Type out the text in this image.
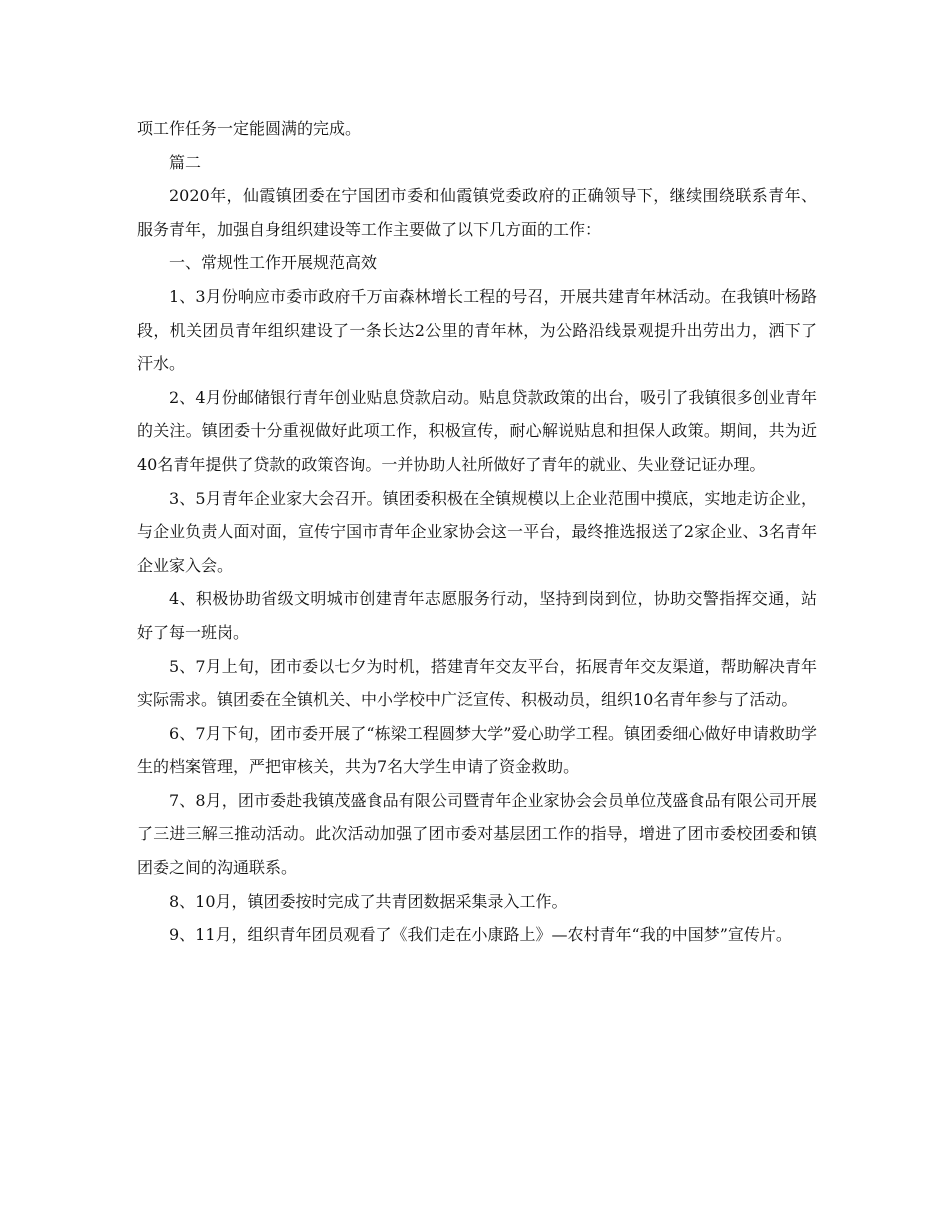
项工作任务一定能圆满的完成。

篇二

2020年，仙霞镇团委在宁国团市委和仙霞镇党委政府的正确领导下，继续围绕联系青年、服务青年，加强自身组织建设等工作主要做了以下几方面的工作：

一、常规性工作开展规范高效

1、3月份响应市委市政府千万亩森林增长工程的号召，开展共建青年林活动。在我镇叶杨路段，机关团员青年组织建设了一条长达2公里的青年林，为公路沿线景观提升出劳出力，洒下了汗水。

2、4月份邮储银行青年创业贴息贷款启动。贴息贷款政策的出台，吸引了我镇很多创业青年的关注。镇团委十分重视做好此项工作，积极宣传，耐心解说贴息和担保人政策。期间，共为近40名青年提供了贷款的政策咨询。一并协助人社所做好了青年的就业、失业登记证办理。

3、5月青年企业家大会召开。镇团委积极在全镇规模以上企业范围中摸底，实地走访企业，与企业负责人面对面，宣传宁国市青年企业家协会这一平台，最终推选报送了2家企业、3名青年企业家入会。

4、积极协助省级文明城市创建青年志愿服务行动，坚持到岗到位，协助交警指挥交通，站好了每一班岗。

5、7月上旬，团市委以七夕为时机，搭建青年交友平台，拓展青年交友渠道，帮助解决青年实际需求。镇团委在全镇机关、中小学校中广泛宣传、积极动员，组织10名青年参与了活动。

6、7月下旬，团市委开展了“栋梁工程圆梦大学”爱心助学工程。镇团委细心做好申请救助学生的档案管理，严把审核关，共为7名大学生申请了资金救助。

7、8月，团市委赴我镇茂盛食品有限公司暨青年企业家协会会员单位茂盛食品有限公司开展了三进三解三推动活动。此次活动加强了团市委对基层团工作的指导，增进了团市委校团委和镇团委之间的沟通联系。

8、10月，镇团委按时完成了共青团数据采集录入工作。

9、11月，组织青年团员观看了《我们走在小康路上》—农村青年“我的中国梦”宣传片。
